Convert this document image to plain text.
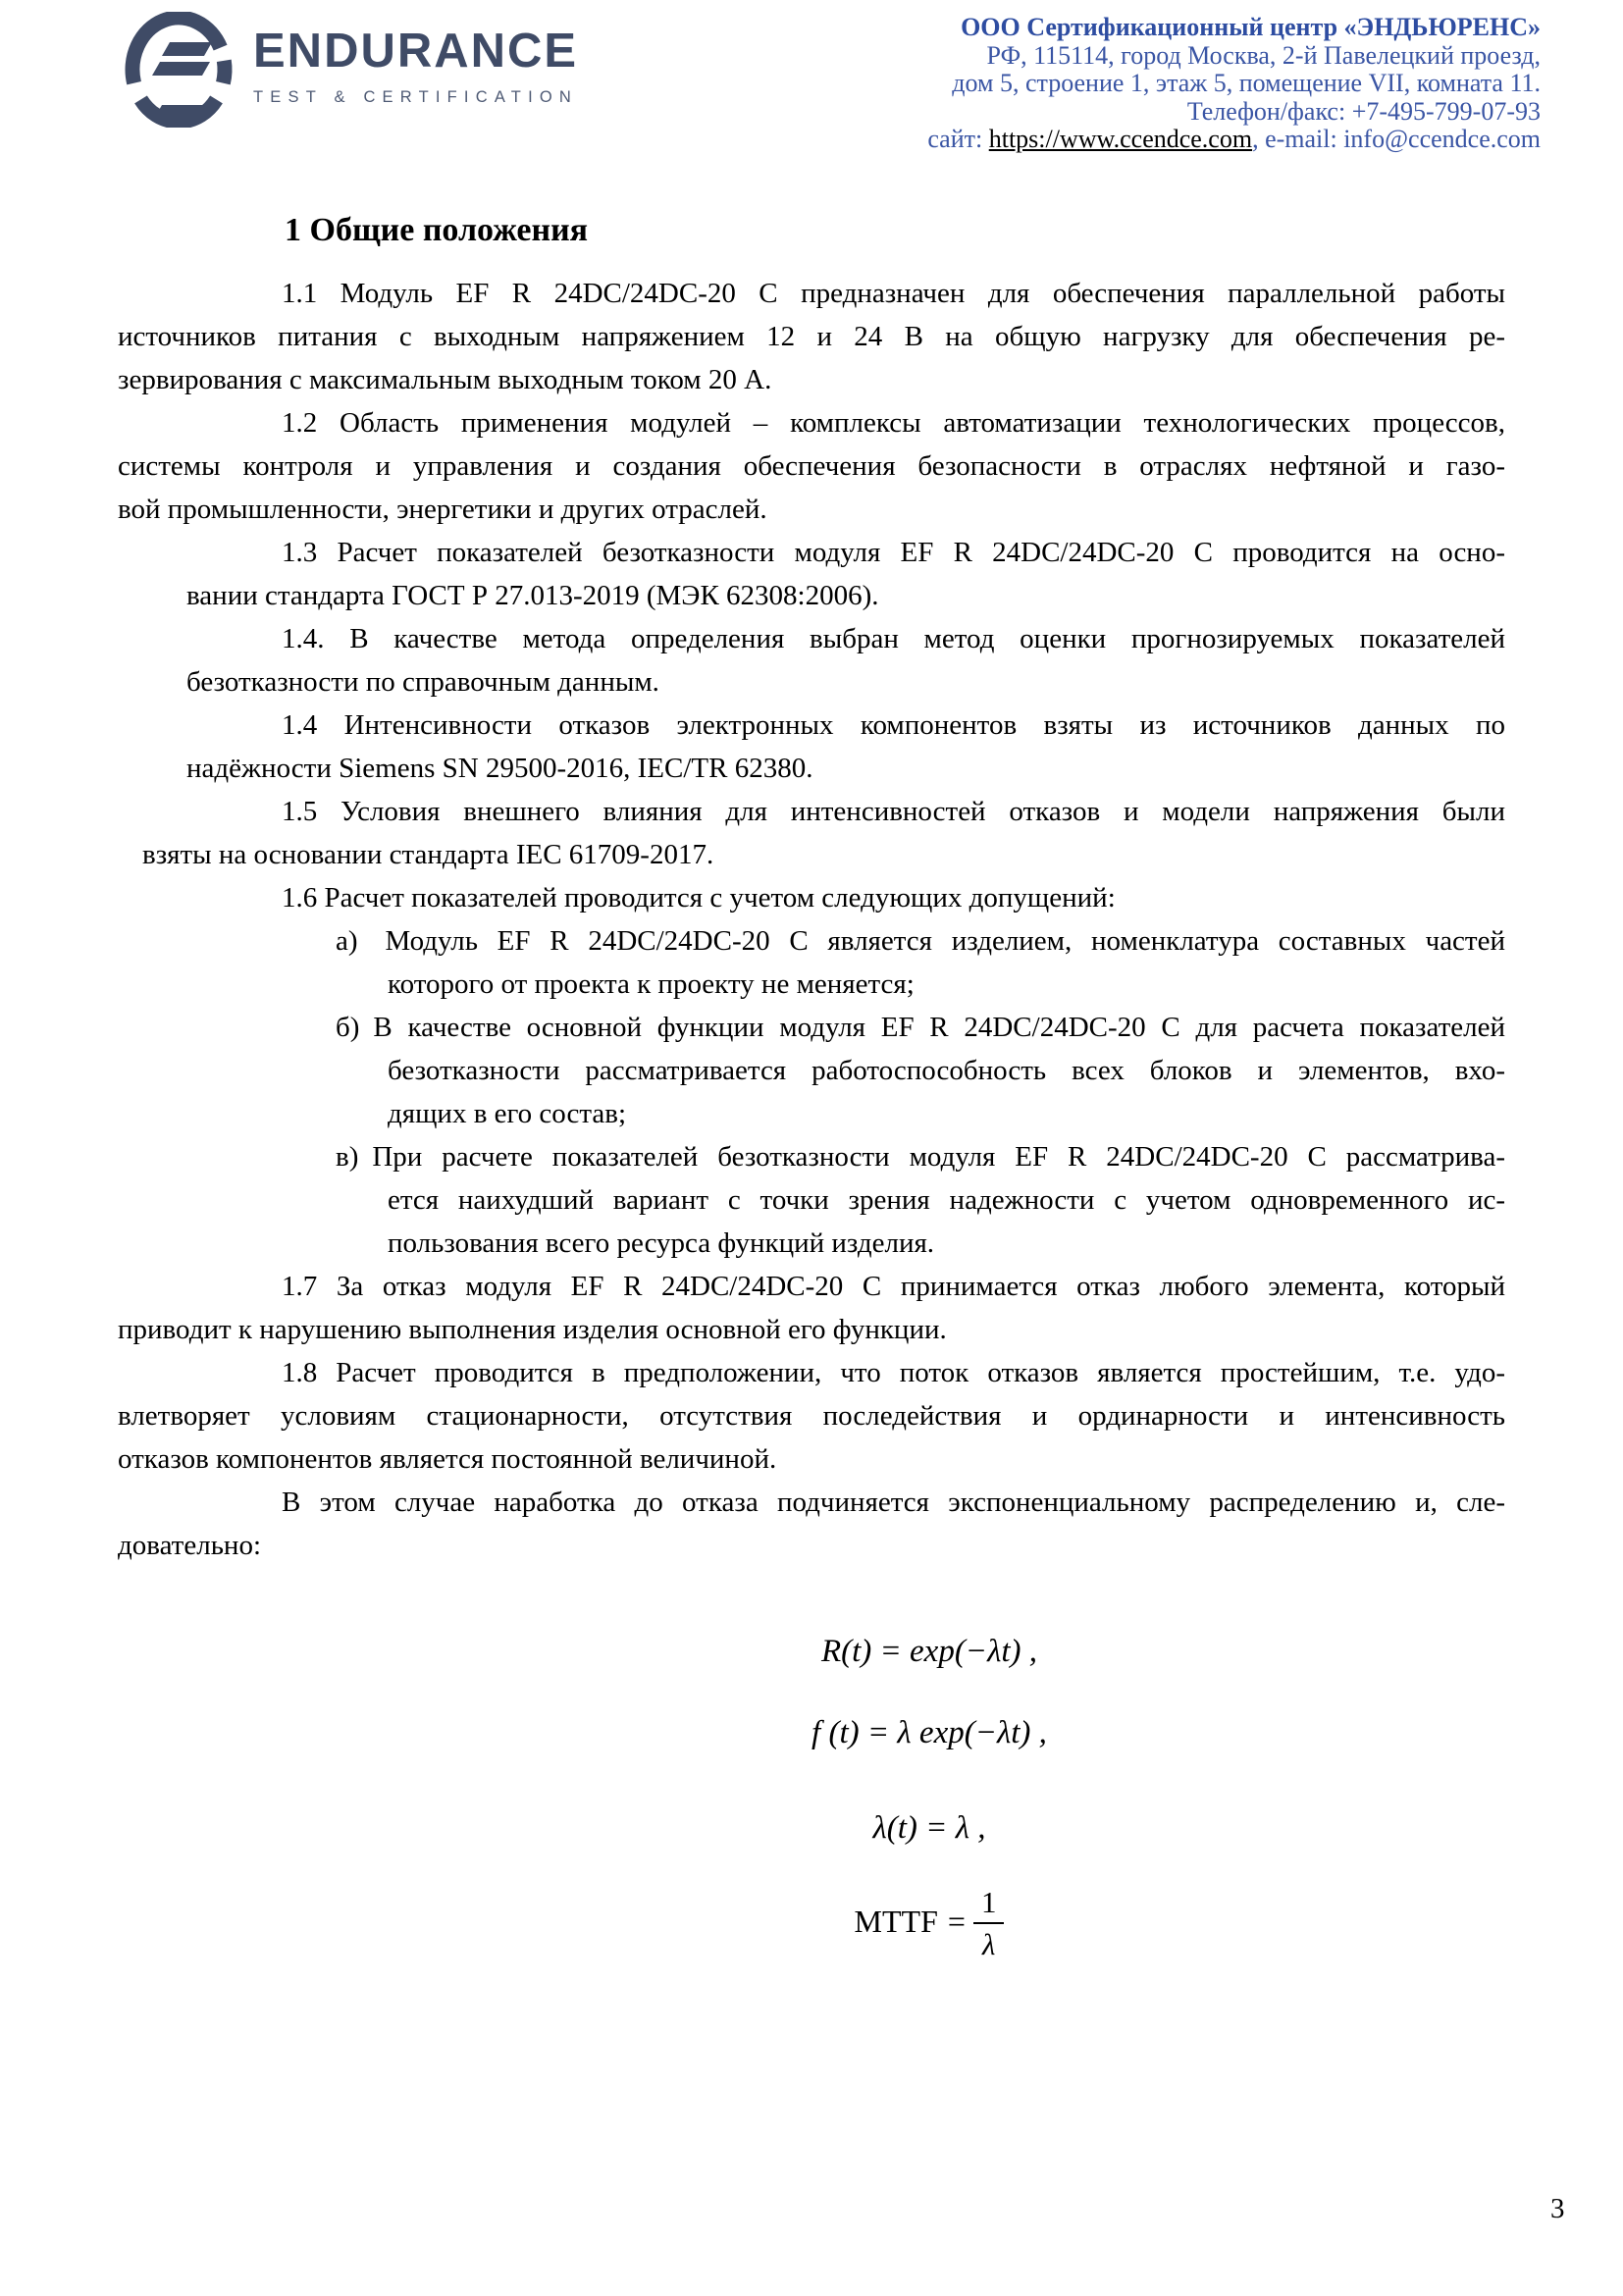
ENDURANCE
TEST & CERTIFICATION
ООО Сертификационный центр «ЭНДЬЮРЕНС»
РФ, 115114, город Москва, 2-й Павелецкий проезд,
дом 5, строение 1, этаж 5, помещение VII, комната 11.
Телефон/факс: +7-495-799-07-93
сайт: https://www.ccendce.com, e-mail: info@ccendce.com
1 Общие положения
1.1 Модуль EF R 24DC/24DC-20 С предназначен для обеспечения параллельной работы
источников питания с выходным напряжением 12 и 24 В на общую нагрузку для обеспечения ре-
зервирования с максимальным выходным током 20 А.
1.2 Область применения модулей – комплексы автоматизации технологических процессов,
системы контроля и управления и создания обеспечения безопасности в отраслях нефтяной и газо-
вой промышленности, энергетики и других отраслей.
1.3 Расчет показателей безотказности модуля EF R 24DC/24DC-20 С проводится на осно-
вании стандарта ГОСТ Р 27.013-2019 (МЭК 62308:2006).
1.4. В качестве метода определения выбран метод оценки прогнозируемых показателей
безотказности по справочным данным.
1.4 Интенсивности отказов электронных компонентов взяты из источников данных по
надёжности Siemens SN 29500-2016, IEC/TR 62380.
1.5 Условия внешнего влияния для интенсивностей отказов и модели напряжения были
взяты на основании стандарта IEC 61709-2017.
1.6 Расчет показателей проводится с учетом следующих допущений:
а) Модуль EF R 24DC/24DC-20 С является изделием, номенклатура составных частей
которого от проекта к проекту не меняется;
б) В качестве основной функции модуля EF R 24DC/24DC-20 С для расчета показателей
безотказности рассматривается работоспособность всех блоков и элементов, вхо-
дящих в его состав;
в) При расчете показателей безотказности модуля EF R 24DC/24DC-20 С рассматрива-
ется наихудший вариант с точки зрения надежности с учетом одновременного ис-
пользования всего ресурса функций изделия.
1.7 За отказ модуля EF R 24DC/24DC-20 С принимается отказ любого элемента, который
приводит к нарушению выполнения изделия основной его функции.
1.8 Расчет проводится в предположении, что поток отказов является простейшим, т.е. удо-
влетворяет условиям стационарности, отсутствия последействия и ординарности и интенсивность
отказов компонентов является постоянной величиной.
В этом случае наработка до отказа подчиняется экспоненциальному распределению и, сле-
довательно:
R(t) = exp(−λt) ,
f (t) = λ exp(−λt) ,
λ(t) = λ ,
MTTF = $\frac{1}{\lambda}$
3
